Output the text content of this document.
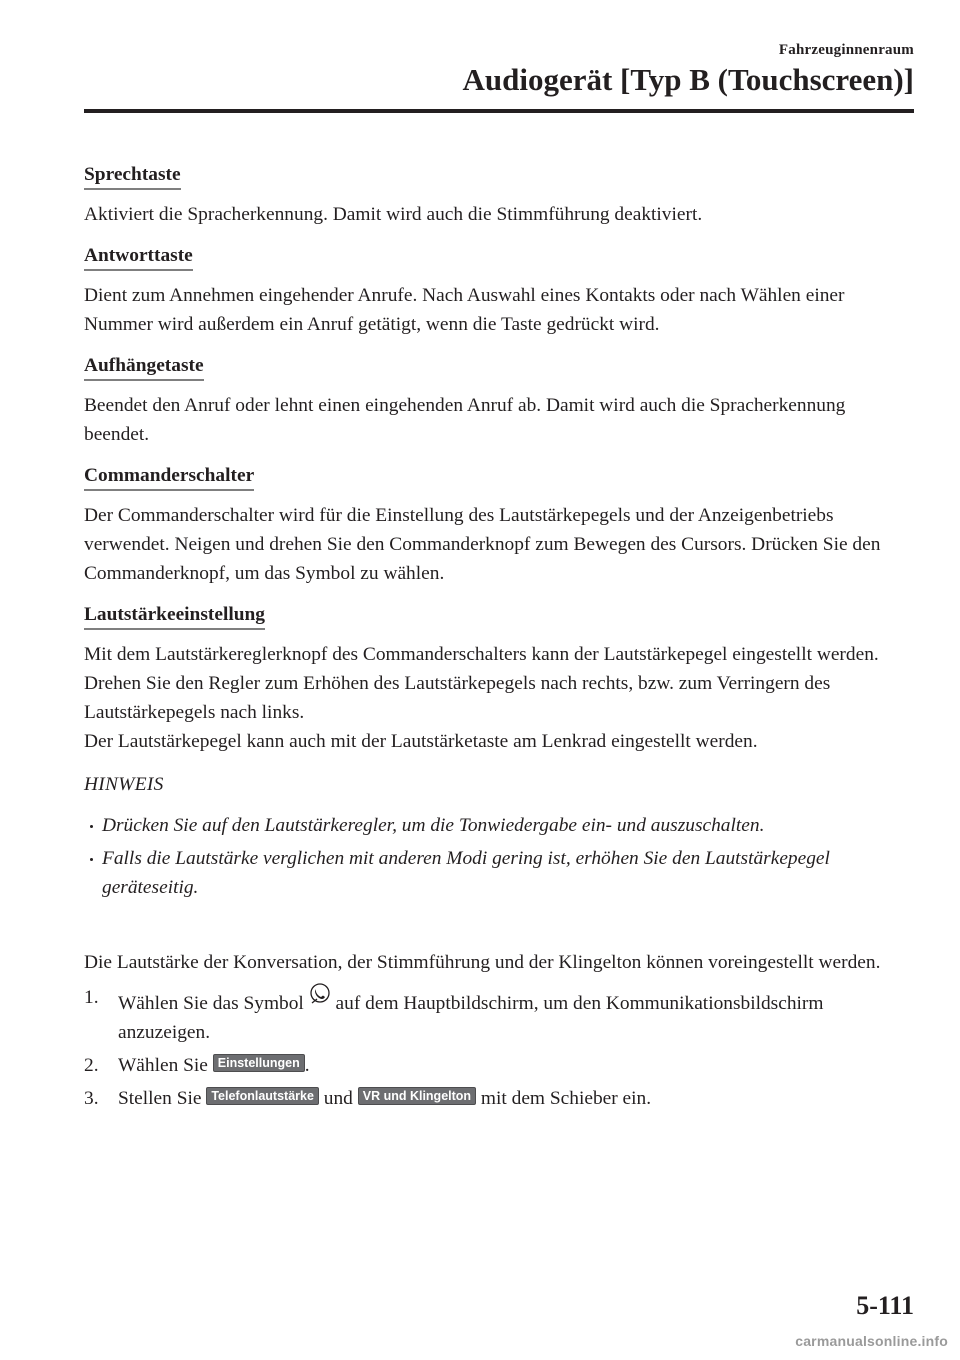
Fahrzeuginnenraum
Audiogerät [Typ B (Touchscreen)]
Sprechtaste

Aktiviert die Spracherkennung. Damit wird auch die Stimmführung deaktiviert.

Antworttaste

Dient zum Annehmen eingehender Anrufe. Nach Auswahl eines Kontakts oder nach Wählen einer Nummer wird außerdem ein Anruf getätigt, wenn die Taste gedrückt wird.

Aufhängetaste

Beendet den Anruf oder lehnt einen eingehenden Anruf ab. Damit wird auch die Spracherkennung beendet.

Commanderschalter

Der Commanderschalter wird für die Einstellung des Lautstärkepegels und der Anzeigenbetriebs verwendet. Neigen und drehen Sie den Commanderknopf zum Bewegen des Cursors. Drücken Sie den Commanderknopf, um das Symbol zu wählen.

Lautstärkeeinstellung

Mit dem Lautstärkereglerknopf des Commanderschalters kann der Lautstärkepegel eingestellt werden. Drehen Sie den Regler zum Erhöhen des Lautstärkepegels nach rechts, bzw. zum Verringern des Lautstärkepegels nach links.

Der Lautstärkepegel kann auch mit der Lautstärketaste am Lenkrad eingestellt werden.

HINWEIS
Drücken Sie auf den Lautstärkeregler, um die Tonwiedergabe ein- und auszuschalten.
Falls die Lautstärke verglichen mit anderen Modi gering ist, erhöhen Sie den Lautstärkepegel geräteseitig.

Die Lautstärke der Konversation, der Stimmführung und der Klingelton können voreingestellt werden.

1. Wählen Sie das Symbol auf dem Hauptbildschirm, um den Kommunikationsbildschirm anzuzeigen.
2. Wählen Sie Einstellungen .
3. Stellen Sie Telefonlautstärke und VR und Klingelton mit dem Schieber ein.
5-111
carmanualsonline.info
